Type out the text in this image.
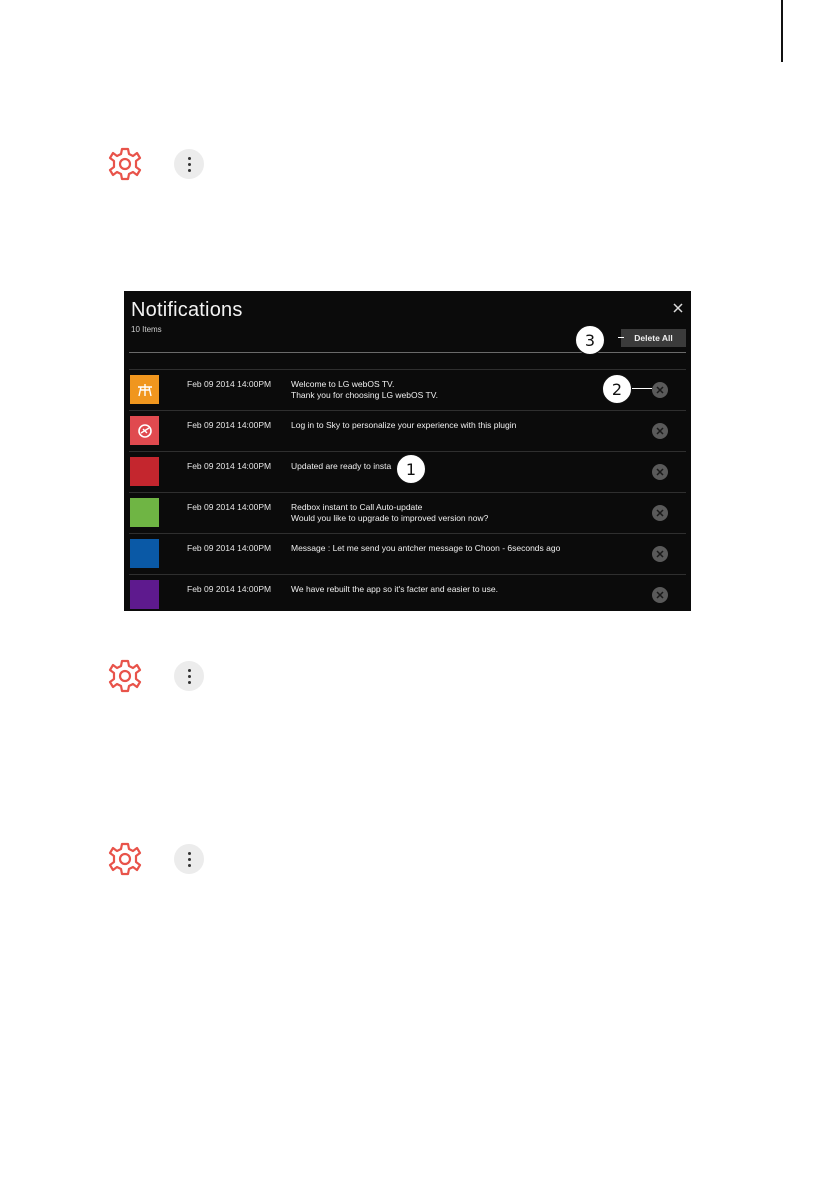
Notifications
10 Items
Delete All
Feb 09 2014 14:00PM Welcome to LG webOS TV.
Thank you for choosing LG webOS TV.
Feb 09 2014 14:00PM Log in to Sky to personalize your experience with this plugin
Feb 09 2014 14:00PM Updated are ready to insta
Feb 09 2014 14:00PM Redbox instant to Call Auto-update
Would you like to upgrade to improved version now?
Feb 09 2014 14:00PM Message : Let me send you antcher message to Choon - 6seconds ago
Feb 09 2014 14:00PM We have rebuilt the app so it's facter and easier to use.
1
2
3
